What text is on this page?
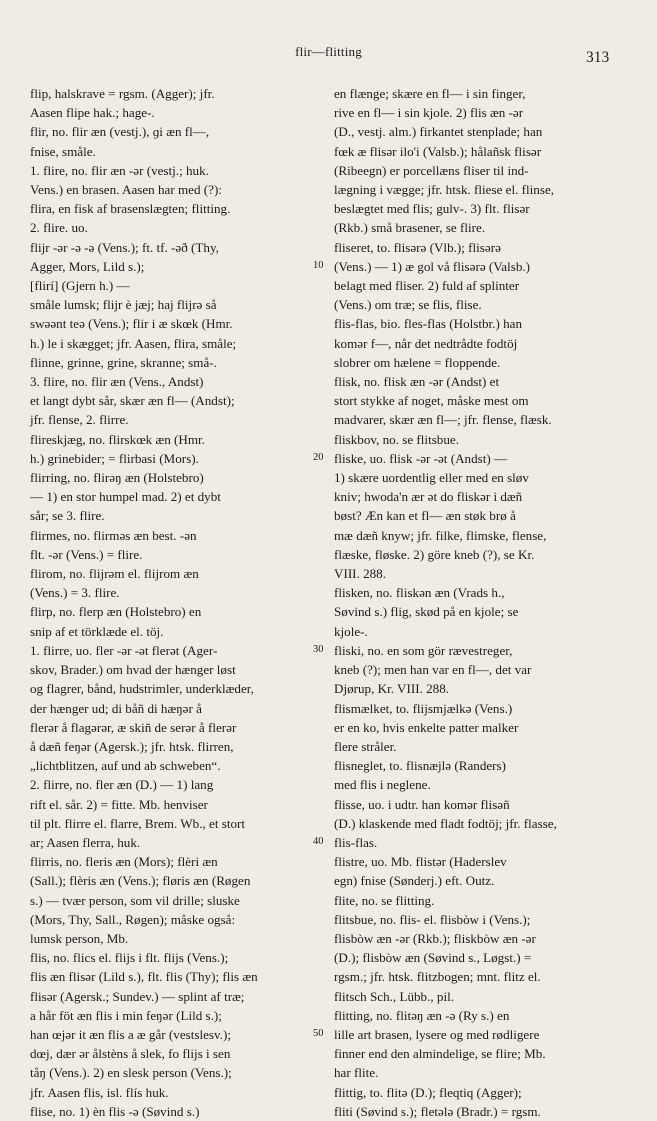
flir—flitting	313
flip, halskrave = rgsm. (Agger); jfr.
Aasen flipe hak.; hage-.
flir, no. flir æn (vestj.), ɡi æn fl—,
fnise, småle.
1. flire, no. flir æn -ər (vestj.; huk.
Vens.) en brasen. Aasen har med (?):
flira, en fisk af brasenslægten; flitting.
2. flire. uo.
flijr -ər -ə -ə (Vens.); ft. tf. -əð (Thy,
Agger, Mors, Lild s.);
[flirí] (Gjern h.) —
småle lumsk; flijr è jæj; haj flijrə så
swəənt teə (Vens.); flir i æ skœk (Hmr.
h.) le i skægget; jfr. Aasen, flira, småle;
flinne, grinne, grine, skranne; små-.
3. flire, no. flir æn (Vens., Andst)
et langt dybt sår, skær æn fl— (Andst);
jfr. flense, 2. flirre.
flireskjæg, no. flirskœk æn (Hmr.
h.) grinebider; = flirbasi (Mors).
flirring, no. flirəŋ æn (Holstebro)
— 1) en stor humpel mad. 2) et dybt
sår; se 3. flire.
flirmes, no. flirməs æn best. -ən
flt. -ər (Vens.) = flire.
flirom, no. flijrəm el. flijrom æn
(Vens.) = 3. flire.
flirp, no. flerp æn (Holstebro) en
snip af et törklæde el. töj.
1. flirre, uo. fler -ər -ət flerət (Ager-
skov, Brader.) om hvad der hænger løst
og flagrer, bånd, hudstrimler, underklæder,
der hænger ud; di båñ di hæŋər å
flerər å flagərər, æ skiñ de serər å flerər
å dæñ feŋər (Agersk.); jfr. htsk. flirren,
„lichtblitzen, auf und ab schweben“.
2. flirre, no. fler æn (D.) — 1) lang
rift el. sår. 2) = fitte. Mb. henviser
til plt. flirre el. flarre, Brem. Wb., et stort
ar; Aasen flerra, huk.
flirris, no. fleris æn (Mors); flèri æn
(Sall.); flèris æn (Vens.); fløris æn (Røgen
s.) — tvær person, som vil drille; sluske
(Mors, Thy, Sall., Røgen); måske også:
lumsk person, Mb.
flis, no. flics el. flijs i flt. flijs (Vens.);
flis æn flisər (Lild s.), flt. flis (Thy); flis æn
flisər (Agersk.; Sundev.) — splint af træ;
a hår föt æn flis i min feŋər (Lild s.);
han œjər it æn flis a æ går (vestslesv.);
dœj, dær ər ålstèns å slek, fo flijs i sen
tåŋ (Vens.). 2) en slesk person (Vens.);
jfr. Aasen flis, isl. flís huk.
flise, no. 1) èn flis -ə (Søvind s.)
en flænge; skære en fl— i sin finger,
rive en fl— i sin kjole. 2) flis æn -ər
(D., vestj. alm.) firkantet stenplade; han
fœk æ flisər ilo'i (Valsb.); hålañsk flisər
(Ribeegn) er porcellæns fliser til ind-
lægning i vægge; jfr. htsk. fliese el. flinse,
beslægtet med flis; gulv-. 3) flt. flisər
(Rkb.) små brasener, se flire.
fliseret, to. flisərə (Vlb.); flisərə
(Vens.) — 1) æ gol vå flisərə (Valsb.)
belagt med fliser. 2) fuld af splinter
(Vens.) om træ; se flis, flise.
flis-flas, bio. fles-flas (Holstbr.) han
komər f—, når det nedtrådte fodtöj
slobrer om hælene = floppende.
flisk, no. flisk æn -ər (Andst) et
stort stykke af noget, måske mest om
madvarer, skær æn fl—; jfr. flense, flæsk.
fliskbov, no. se flitsbue.
fliske, uo. flisk -ər -ət (Andst) —
1) skære uordentlig eller med en sløv
kniv; hwoda'n ær ət do fliskər i dæñ
bøst? Æn kan et fl— æn støk brø å
mæ dæñ knyw; jfr. filke, flimske, flense,
flæske, fløske. 2) göre kneb (?), se Kr.
VIII. 288.
flisken, no. fliskən æn (Vrads h.,
Søvind s.) flig, skød på en kjole; se
kjole-.
fliski, no. en som gör rævestreger,
kneb (?); men han var en fl—, det var
Djørup, Kr. VIII. 288.
flismælket, to. flijsmjælkə (Vens.)
er en ko, hvis enkelte patter malker
flere stråler.
flisneglet, to. flisnæjlə (Randers)
med flis i neglene.
flisse, uo. i udtr. han komər flisəñ
(D.) klaskende med fladt fodtöj; jfr. flasse,
flis-flas.
flistre, uo. Mb. flistər (Haderslev
egn) fnise (Sønderj.) eft. Outz.
flite, no. se flitting.
flitsbue, no. flis- el. flisbòw i (Vens.);
flisbòw æn -ər (Rkb.); fliskbòw æn -ər
(D.); flisbòw æn (Søvind s., Løgst.) =
rgsm.; jfr. htsk. flitzbogen; mnt. flitz el.
flitsch Sch., Lübb., pil.
flitting, no. flitəŋ æn -ə (Ry s.) en
lille art brasen, lysere og med rødligere
finner end den almindelige, se flire; Mb.
har flite.
flittig, to. flitə (D.); fleqtiq (Agger);
fliti (Søvind s.); fletələ (Bradr.) = rgsm.
10
20
30
40
50
